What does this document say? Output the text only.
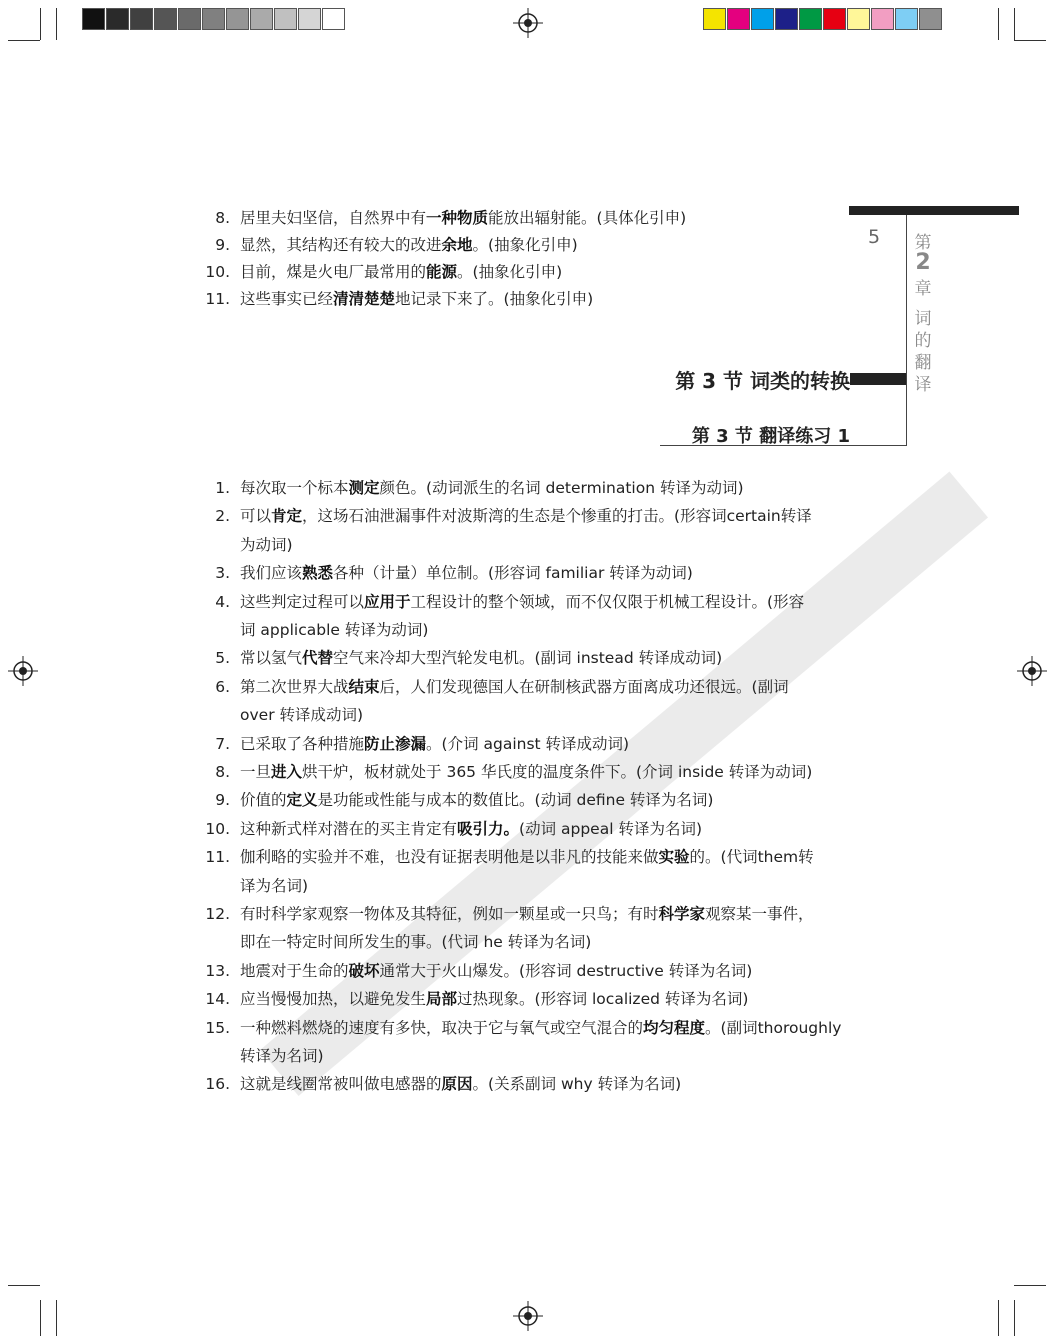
5 第
2
章
词
的
翻
译
8. 居里夫妇坚信，自然界中有一种物质能放出辐射能。(具体化引申)
9. 显然，其结构还有较大的改进余地。(抽象化引申)
10. 目前，煤是火电厂最常用的能源。(抽象化引申)
11. 这些事实已经清清楚楚地记录下来了。(抽象化引申)
第 3 节 词类的转换
第 3 节 翻译练习 1
1. 每次取一个标本测定颜色。(动词派生的名词 determination 转译为动词)
2. 可以肯定，这场石油泄漏事件对波斯湾的生态是个惨重的打击。(形容词certain转译
为动词)
3. 我们应该熟悉各种（计量）单位制。(形容词 familiar 转译为动词)
4. 这些判定过程可以应用于工程设计的整个领域，而不仅仅限于机械工程设计。(形容
词 applicable 转译为动词)
5. 常以氢气代替空气来冷却大型汽轮发电机。(副词 instead 转译成动词)
6. 第二次世界大战结束后，人们发现德国人在研制核武器方面离成功还很远。(副词
over 转译成动词)
7. 已采取了各种措施防止渗漏。(介词 against 转译成动词)
8. 一旦进入烘干炉，板材就处于 365 华氏度的温度条件下。(介词 inside 转译为动词)
9. 价值的定义是功能或性能与成本的数值比。(动词 define 转译为名词)
10. 这种新式样对潜在的买主肯定有吸引力。(动词 appeal 转译为名词)
11. 伽利略的实验并不难，也没有证据表明他是以非凡的技能来做实验的。(代词them转
译为名词)
12. 有时科学家观察一物体及其特征，例如一颗星或一只鸟；有时科学家观察某一事件，
即在一特定时间所发生的事。(代词 he 转译为名词)
13. 地震对于生命的破坏通常大于火山爆发。(形容词 destructive 转译为名词)
14. 应当慢慢加热，以避免发生局部过热现象。(形容词 localized 转译为名词)
15. 一种燃料燃烧的速度有多快，取决于它与氧气或空气混合的均匀程度。(副词thoroughly
转译为名词)
16. 这就是线圈常被叫做电感器的原因。(关系副词 why 转译为名词)
